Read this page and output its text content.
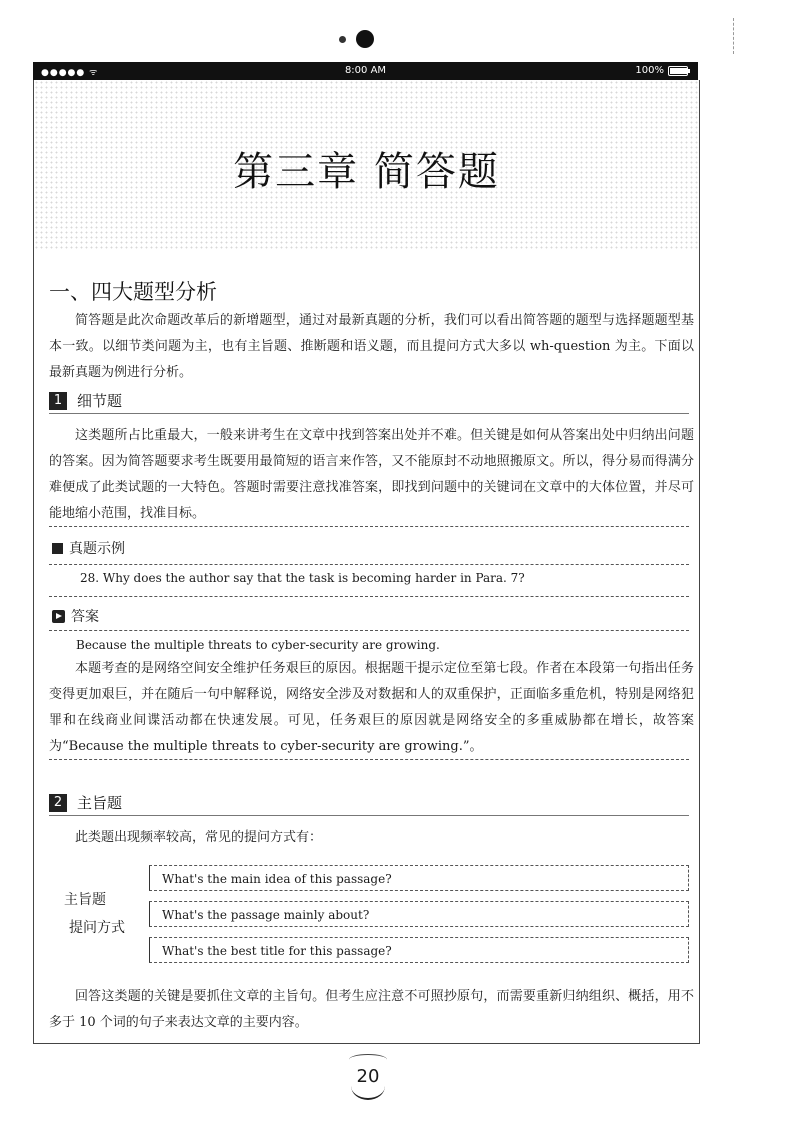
●●●●● ᯤ	8:00 AM	100%
第三章 简答题
一、四大题型分析
简答题是此次命题改革后的新增题型，通过对最新真题的分析，我们可以看出简答题的题型与选择题题型基本一致。以细节类问题为主，也有主旨题、推断题和语义题，而且提问方式大多以 wh-question 为主。下面以最新真题为例进行分析。
1 细节题
这类题所占比重最大，一般来讲考生在文章中找到答案出处并不难。但关键是如何从答案出处中归纳出问题的答案。因为简答题要求考生既要用最简短的语言来作答，又不能原封不动地照搬原文。所以，得分易而得满分难便成了此类试题的一大特色。答题时需要注意找准答案，即找到问题中的关键词在文章中的大体位置，并尽可能地缩小范围，找准目标。
真题示例
28. Why does the author say that the task is becoming harder in Para. 7?
答案
Because the multiple threats to cyber-security are growing.
本题考查的是网络空间安全维护任务艰巨的原因。根据题干提示定位至第七段。作者在本段第一句指出任务变得更加艰巨，并在随后一句中解释说，网络安全涉及对数据和人的双重保护，正面临多重危机，特别是网络犯罪和在线商业间谍活动都在快速发展。可见，任务艰巨的原因就是网络安全的多重威胁都在增长，故答案为“Because the multiple threats to cyber-security are growing.”。
2 主旨题
此类题出现频率较高，常见的提问方式有：
主旨题
提问方式
What's the main idea of this passage?
What's the passage mainly about?
What's the best title for this passage?
回答这类题的关键是要抓住文章的主旨句。但考生应注意不可照抄原句，而需要重新归纳组织、概括，用不多于 10 个词的句子来表达文章的主要内容。
20
